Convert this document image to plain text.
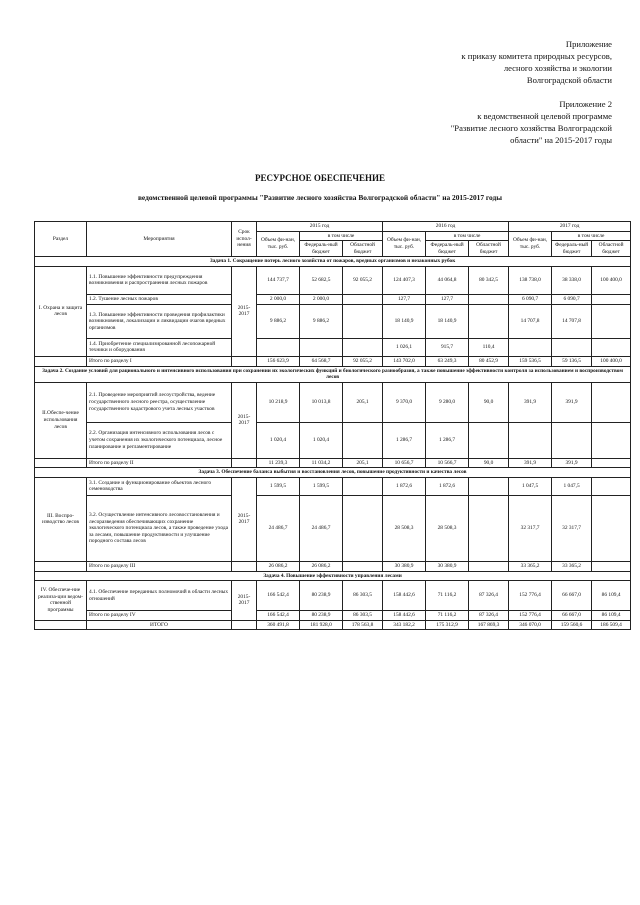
Приложение
к приказу комитета природных ресурсов,
лесного хозяйства и экологии
Волгоградской области
Приложение 2
к ведомственной целевой программе
"Развитие лесного хозяйства Волгоградской
области" на 2015-2017 годы
РЕСУРСНОЕ ОБЕСПЕЧЕНИЕ
ведомственной целевой программы "Развитие лесного хозяйства Волгоградской области" на 2015-2017 годы
Раздел	Мероприятия	Срок испол-нения	2015 год			2016 год			2017 год		
			Объем фи-нан, тыс. руб.	в том числе		Объем фи-нан, тыс. руб.	в том числе		Объем фи-нан, тыс. руб.	в том числе	
				Федераль-ный бюджет	Областной бюджет		Федераль-ный бюджет	Областной бюджет		Федераль-ный бюджет	Областной бюджет
Задача 1. Сокращение потерь лесного хозяйства от пожаров, вредных организмов и незаконных рубок											
I. Охрана и защита лесов	1.1. Повышение эффективности предупреждения возникновения и распространения лесных пожаров	2015-2017	144 737,7	52 682,5	92 055,2	124 407,3	44 064,8	80 342,5	138 738,0	38 338,0	100 400,0
	1.2. Тушение лесных пожаров		2 000,0	2 000,0		127,7	127,7		6 090,7	6 090,7	
	1.3. Повышение эффективности проведения профилактики возникновения, локализации и ликвидации очагов вредных организмов		9 886,2	9 886,2		18 140,9	18 140,9		14 707,8	14 707,8	
	1.4. Приобретение специализированной лесопожарной техники и оборудования					1 026,1	915,7	110,4			
	Итого по разделу I		156 623,9	64 568,7	92 055,2	143 702,0	63 249,3	80 452,9	159 536,5	59 136,5	100 400,0
Задача 2. Создание условий для рационального и интенсивного использования при сохранении их экологических функций и биологического разнообразия, а также повышение эффективности контроля за использованием и воспроизводством лесов											
II.Обеспе-чение использования лесов	2.1. Проведение мероприятий лесоустройства, ведение государственного лесного реестра, осуществление государственного кадастрового учета лесных участков	2015-2017	10 218,9	10 013,8	205,1	9 370,0	9 280,0	90,0	391,9	391,9	
	2.2. Организация интенсивного использования лесов с учетом сохранения их экологического потенциала, лесное планирование и регламентирование		1 020,4	1 020,4		1 286,7	1 286,7				
	Итого по разделу II		11 239,3	11 034,2	205,1	10 656,7	10 566,7	90,0	391,9	391,9	
Задача 3. Обеспечение баланса выбытия и восстановления лесов, повышение продуктивности и качества лесов											
III. Воспро-изводство лесов	3.1. Создание и функционирование объектов лесного семеноводства	2015-2017	1 599,5	1 599,5		1 872,6	1 872,6		1 047,5	1 047,5	
	3.2. Осуществление интенсивного лесовосстановления и лесоразведения обеспечивающих сохранение экологического потенциала лесов, а также проведение ухода за лесами, повышение продуктивности и улучшение породного состава лесов		24 486,7	24 486,7		28 508,3	28 508,3		32 317,7	32 317,7	
	Итого по разделу III		26 086,2	26 086,2		30 380,9	30 380,9		33 365,2	33 365,2	
Задача 4. Повышение эффективности управления лесами											
IV. Обеспече-ние реализа-ции ведом-ственной программы	4.1. Обеспечение переданных полномочий в области лесных отношений	2015-2017	166 542,4	80 238,9	86 303,5	158 442,6	71 116,2	87 326,4	152 776,4	66 667,0	86 109,4
	Итого по разделу IV		166 542,4	80 238,9	86 303,5	158 442,6	71 116,2	87 326,4	152 776,4	66 667,0	86 109,4
	ИТОГО		360 491,8	181 928,0	178 563,8	343 182,2	175 312,9	167 869,3	346 070,0	159 560,6	186 509,4
